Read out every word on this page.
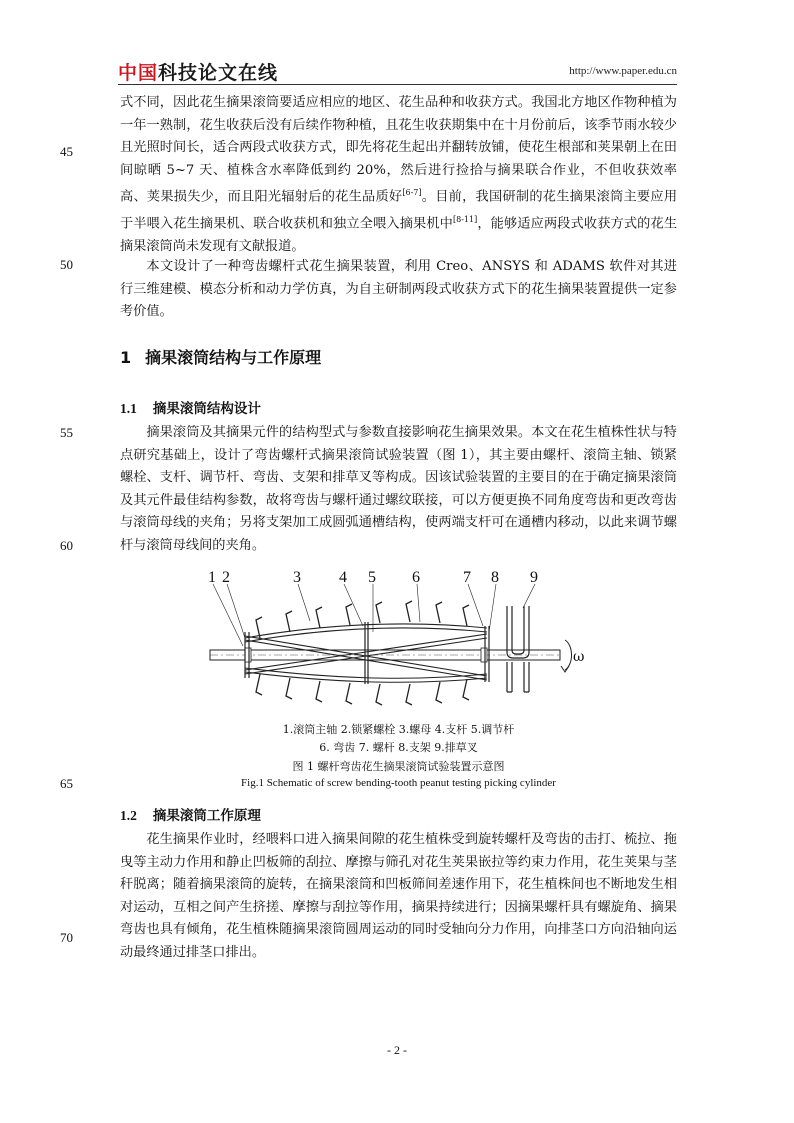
中国科技论文在线	http://www.paper.edu.cn
45
50
55
60
65
70

式不同，因此花生摘果滚筒要适应相应的地区、花生品种和收获方式。我国北方地区作物种植为一年一熟制，花生收获后没有后续作物种植，且花生收获期集中在十月份前后，该季节雨水较少且光照时间长，适合两段式收获方式，即先将花生起出并翻转放铺，使花生根部和荚果朝上在田间晾晒 5~7 天、植株含水率降低到约 20%，然后进行捡拾与摘果联合作业，不但收获效率高、荚果损失少，而且阳光辐射后的花生品质好[6-7]。目前，我国研制的花生摘果滚筒主要应用于半喂入花生摘果机、联合收获机和独立全喂入摘果机中[8-11]，能够适应两段式收获方式的花生摘果滚筒尚未发现有文献报道。

本文设计了一种弯齿螺杆式花生摘果装置，利用 Creo、ANSYS 和 ADAMS 软件对其进行三维建模、模态分析和动力学仿真，为自主研制两段式收获方式下的花生摘果装置提供一定参考价值。

1 摘果滚筒结构与工作原理
1.1 摘果滚筒结构设计

摘果滚筒及其摘果元件的结构型式与参数直接影响花生摘果效果。本文在花生植株性状与特点研究基础上，设计了弯齿螺杆式摘果滚筒试验装置（图 1），其主要由螺杆、滚筒主轴、锁紧螺栓、支杆、调节杆、弯齿、支架和排草叉等构成。因该试验装置的主要目的在于确定摘果滚筒及其元件最佳结构参数，故将弯齿与螺杆通过螺纹联接，可以方便更换不同角度弯齿和更改弯齿与滚筒母线的夹角；另将支架加工成圆弧通槽结构，使两端支杆可在通槽内移动，以此来调节螺杆与滚筒母线间的夹角。

1 2	3 4 5 6	7 8 9
ω
1.滚筒主轴 2.锁紧螺栓 3.螺母 4.支杆 5.调节杆
6. 弯齿 7. 螺杆 8.支架 9.排草叉
图 1 螺杆弯齿花生摘果滚筒试验装置示意图
Fig.1 Schematic of screw bending-tooth peanut testing picking cylinder
1.2 摘果滚筒工作原理

花生摘果作业时，经喂料口进入摘果间隙的花生植株受到旋转螺杆及弯齿的击打、梳拉、拖曳等主动力作用和静止凹板筛的刮拉、摩擦与筛孔对花生荚果嵌拉等约束力作用，花生荚果与茎秆脱离；随着摘果滚筒的旋转，在摘果滚筒和凹板筛间差速作用下，花生植株间也不断地发生相对运动，互相之间产生挤搓、摩擦与刮拉等作用，摘果持续进行；因摘果螺杆具有螺旋角、摘果弯齿也具有倾角，花生植株随摘果滚筒圆周运动的同时受轴向分力作用，向排茎口方向沿轴向运动最终通过排茎口排出。

- 2 -
